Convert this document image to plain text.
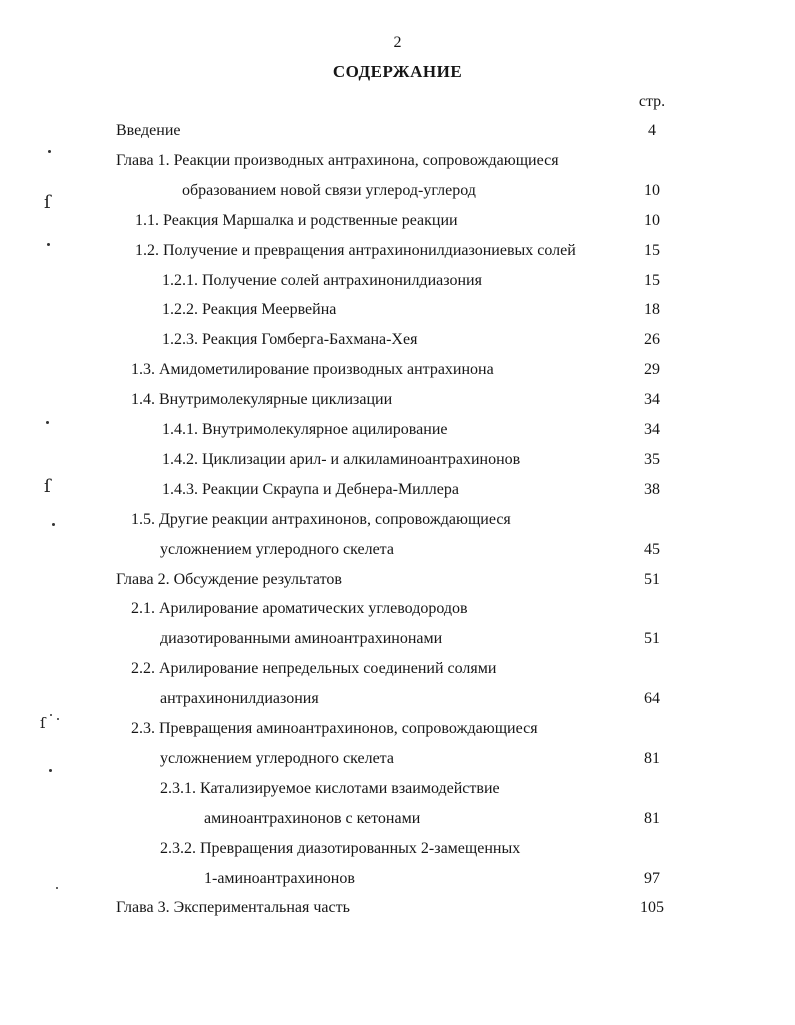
2
СОДЕРЖАНИЕ
стр.
Введение	4
Глава 1. Реакции производных антрахинона, сопровождающиеся
образованием новой связи углерод-углерод	10
1.1. Реакция Маршалка и родственные реакции	10
1.2. Получение и превращения антрахинонилдиазониевых солей	15
1.2.1. Получение солей антрахинонилдиазония	15
1.2.2. Реакция Меервейна	18
1.2.3. Реакция Гомберга-Бахмана-Хея	26
1.3. Амидометилирование производных антрахинона	29
1.4. Внутримолекулярные циклизации	34
1.4.1. Внутримолекулярное ацилирование	34
1.4.2. Циклизации арил- и алкиламиноантрахинонов	35
1.4.3. Реакции Скраупа и Дебнера-Миллера	38
1.5. Другие реакции антрахинонов, сопровождающиеся
усложнением углеродного скелета	45
Глава 2. Обсуждение результатов	51
2.1. Арилирование ароматических углеводородов
диазотированными аминоантрахинонами	51
2.2. Арилирование непредельных соединений солями
антрахинонилдиазония	64
2.3. Превращения аминоантрахинонов, сопровождающиеся
усложнением углеродного скелета	81
2.3.1. Катализируемое кислотами взаимодействие
аминоантрахинонов с кетонами	81
2.3.2. Превращения диазотированных 2-замещенных
1-аминоантрахинонов	97
Глава 3. Экспериментальная часть	105
ſ
ſ
ſ
